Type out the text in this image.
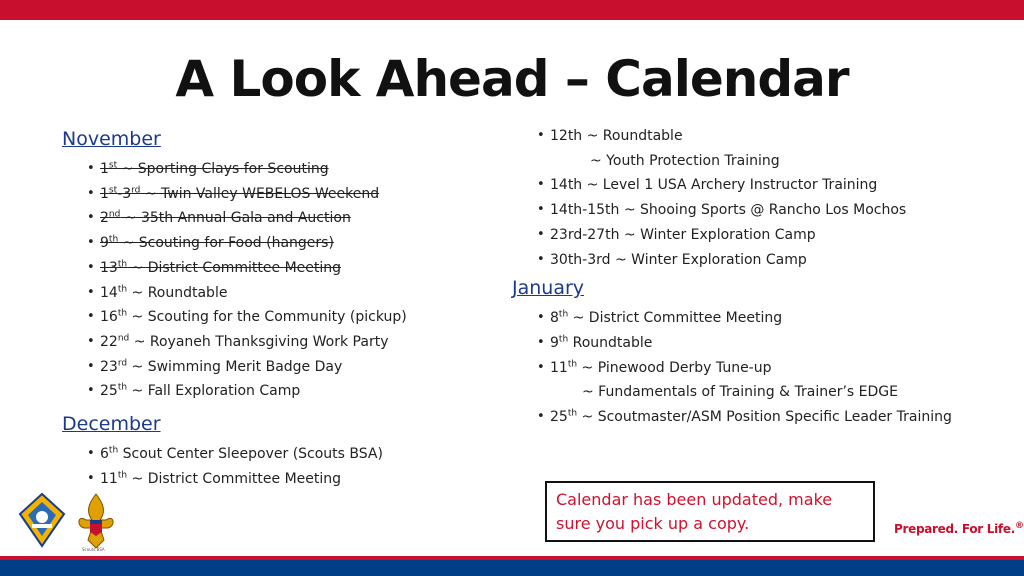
A Look Ahead – Calendar
November
• 1st ~ Sporting Clays for Scouting
• 1st-3rd ~ Twin Valley WEBELOS Weekend
• 2nd ~ 35th Annual Gala and Auction
• 9th ~ Scouting for Food (hangers)
• 13th ~ District Committee Meeting
• 14th ~ Roundtable
• 16th ~ Scouting for the Community (pickup)
• 22nd ~ Royaneh Thanksgiving Work Party
• 23rd ~ Swimming Merit Badge Day
• 25th ~ Fall Exploration Camp
December
• 6th Scout Center Sleepover (Scouts BSA)
• 11th ~ District Committee Meeting
• 12th ~ Roundtable
~ Youth Protection Training
• 14th ~ Level 1 USA Archery Instructor Training
• 14th-15th ~ Shooing Sports @ Rancho Los Mochos
• 23rd-27th ~ Winter Exploration Camp
• 30th-3rd ~ Winter Exploration Camp
January
• 8th ~ District Committee Meeting
• 9th Roundtable
• 11th ~ Pinewood Derby Tune-up
~ Fundamentals of Training & Trainer’s EDGE
• 25th ~ Scoutmaster/ASM Position Specific Leader Training
Calendar has been updated, make sure you pick up a copy.
Scouts BSA
Prepared. For Life.®
